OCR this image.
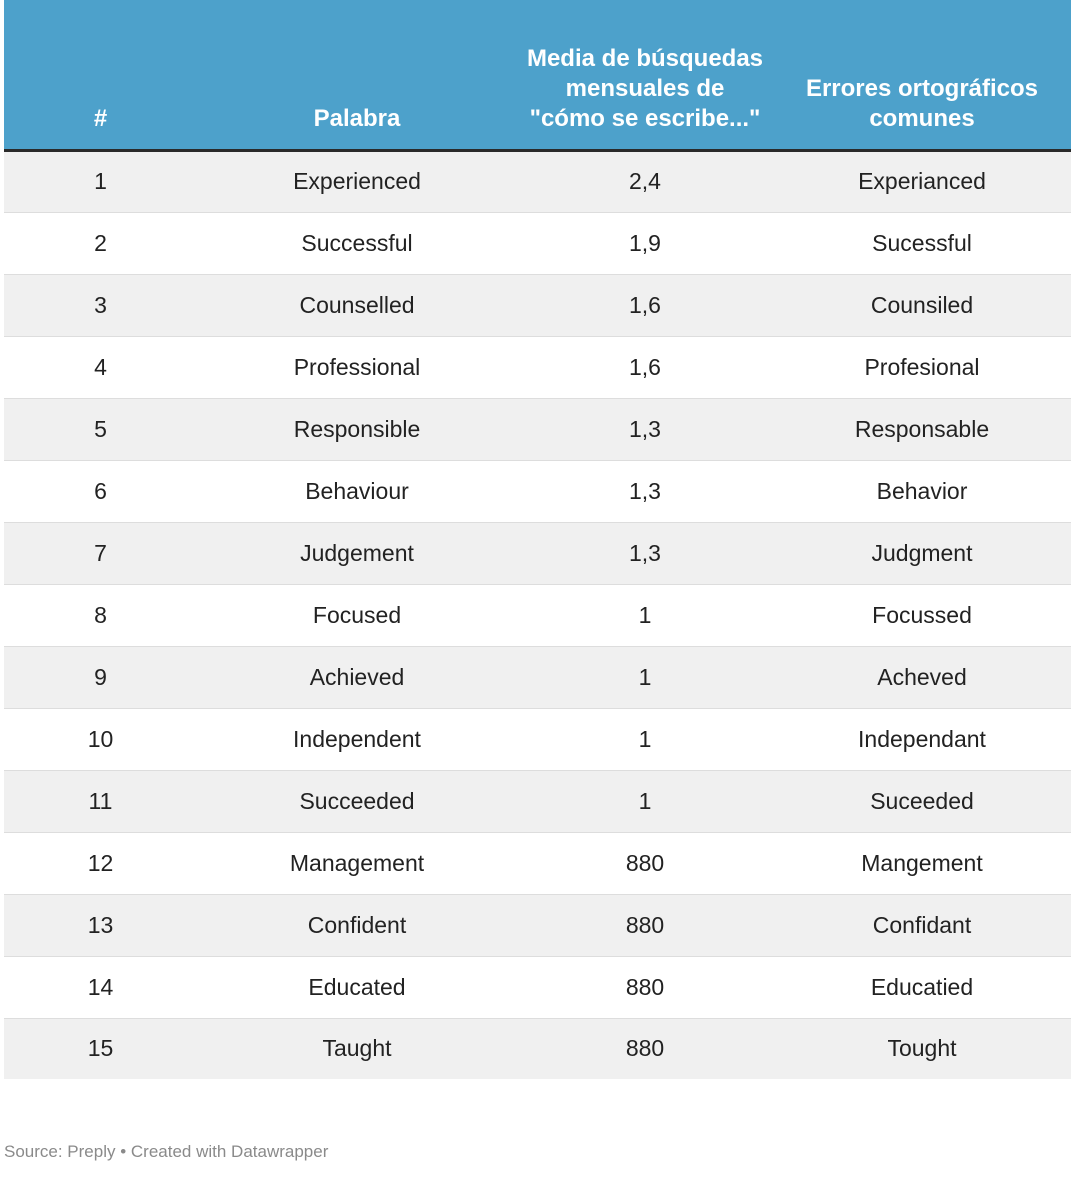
#	Palabra	Media de búsquedas mensuales de "cómo se escribe..."	Errores ortográficos comunes
1	Experienced	2,4	Experianced
2	Successful	1,9	Sucessful
3	Counselled	1,6	Counsiled
4	Professional	1,6	Profesional
5	Responsible	1,3	Responsable
6	Behaviour	1,3	Behavior
7	Judgement	1,3	Judgment
8	Focused	1	Focussed
9	Achieved	1	Acheved
10	Independent	1	Independant
11	Succeeded	1	Suceeded
12	Management	880	Mangement
13	Confident	880	Confidant
14	Educated	880	Educatied
15	Taught	880	Tought
Source: Preply • Created with Datawrapper
